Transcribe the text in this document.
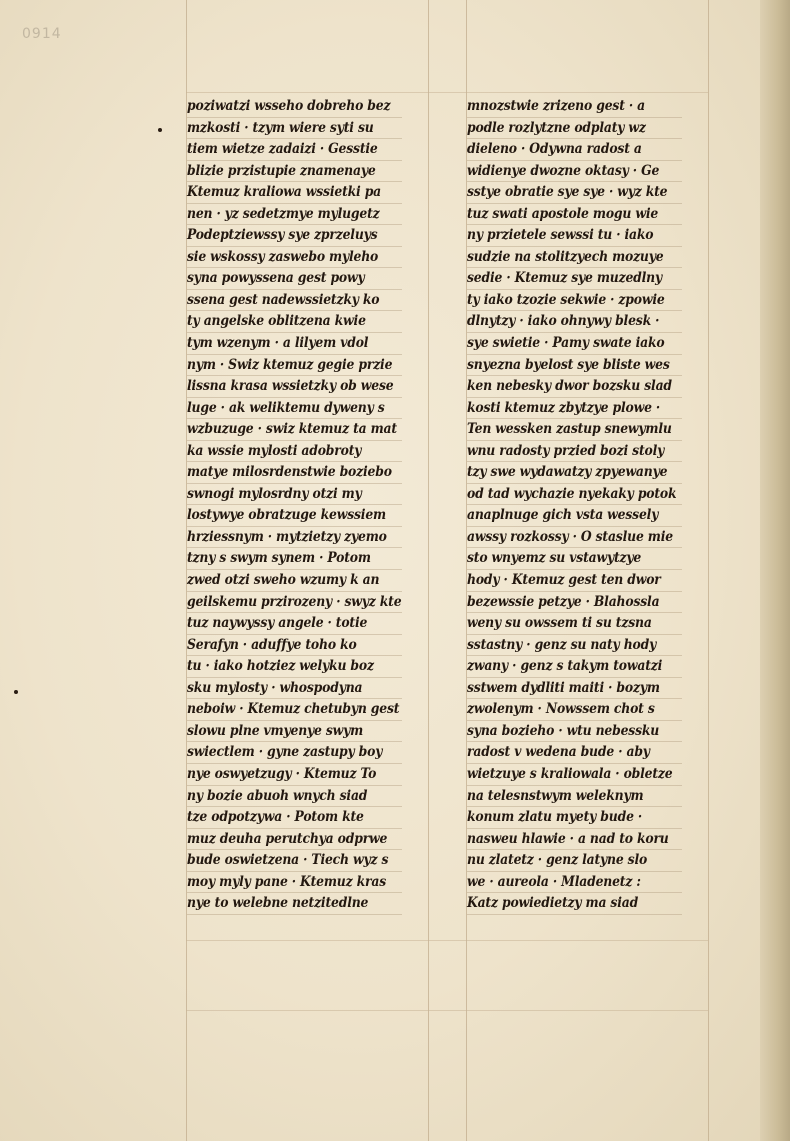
0914
poziwatzi wsseho dobreho bez
mzkosti · tzym wiere syti su
tiem wietze zadaizi · Gesstie
blizie przistupie znamenaye
Ktemuz kraliowa wssietki pa
nen · yz sedetzmye mylugetz
Podeptziewssy sye zprzeluys
sie wskossy zaswebo myleho
syna powyssena gest powy
ssena gest nadewssietzky ko
ty angelske oblitzena kwie
tym wzenym · a lilyem vdol
nym · Swiz ktemuz gegie przie
lissna krasa wssietzky ob wese
luge · ak weliktemu dyweny s
wzbuzuge · swiz ktemuz ta mat
ka wssie mylosti adobroty
matye milosrdenstwie boziebo
swnogi mylosrdny otzi my
lostywye obratzuge kewssiem
hrziessnym · mytzietzy zyemo
tzny s swym synem · Potom
zwed otzi sweho wzumy k an
geilskemu przirozeny · swyz kte
tuz naywyssy angele · totie
Serafyn · aduffye toho ko
tu · iako hotziez welyku boz
sku mylosty · whospodyna
neboiw · Ktemuz chetubyn gest
slowu plne vmyenye swym
swiectlem · gyne zastupy boy
nye oswyetzugy · Ktemuz To
ny bozie abuoh wnych siad
tze odpotzywa · Potom kte
muz deuha perutchya odprwe
bude oswietzena · Tiech wyz s
moy myly pane · Ktemuz kras
nye to welebne netzitedlne
mnozstwie zrizeno gest · a
podle rozlytzne odplaty wz
dieleno · Odywna radost a
widienye dwozne oktasy · Ge
sstye obratie sye sye · wyz kte
tuz swati apostole mogu wie
ny przietele sewssi tu · iako
sudzie na stolitzyech mozuye
sedie · Ktemuz sye muzedlny
ty iako tzozie sekwie · zpowie
dlnytzy · iako ohnywy blesk ·
sye swietie · Pamy swate iako
snyezna byelost sye bliste wes
ken nebesky dwor bozsku slad
kosti ktemuz zbytzye plowe ·
Ten wessken zastup snewymlu
wnu radosty przied bozi stoly
tzy swe wydawatzy zpyewanye
od tad wychazie nyekaky potok
anaplnuge gich vsta wessely
awssy rozkossy · O staslue mie
sto wnyemz su vstawytzye
hody · Ktemuz gest ten dwor
bezewssie petzye · Blahossla
weny su owssem ti su tzsna
sstastny · genz su naty hody
zwany · genz s takym towatzi
sstwem dydliti maiti · bozym
zwolenym · Nowssem chot s
syna bozieho · wtu nebessku
radost v wedena bude · aby
wietzuye s kraliowala · obletze
na telesnstwym weleknym
konum zlatu myety bude ·
nasweu hlawie · a nad to koru
nu zlatetz · genz latyne slo
we · aureola · Mladenetz :
Katz powiedietzy ma siad
